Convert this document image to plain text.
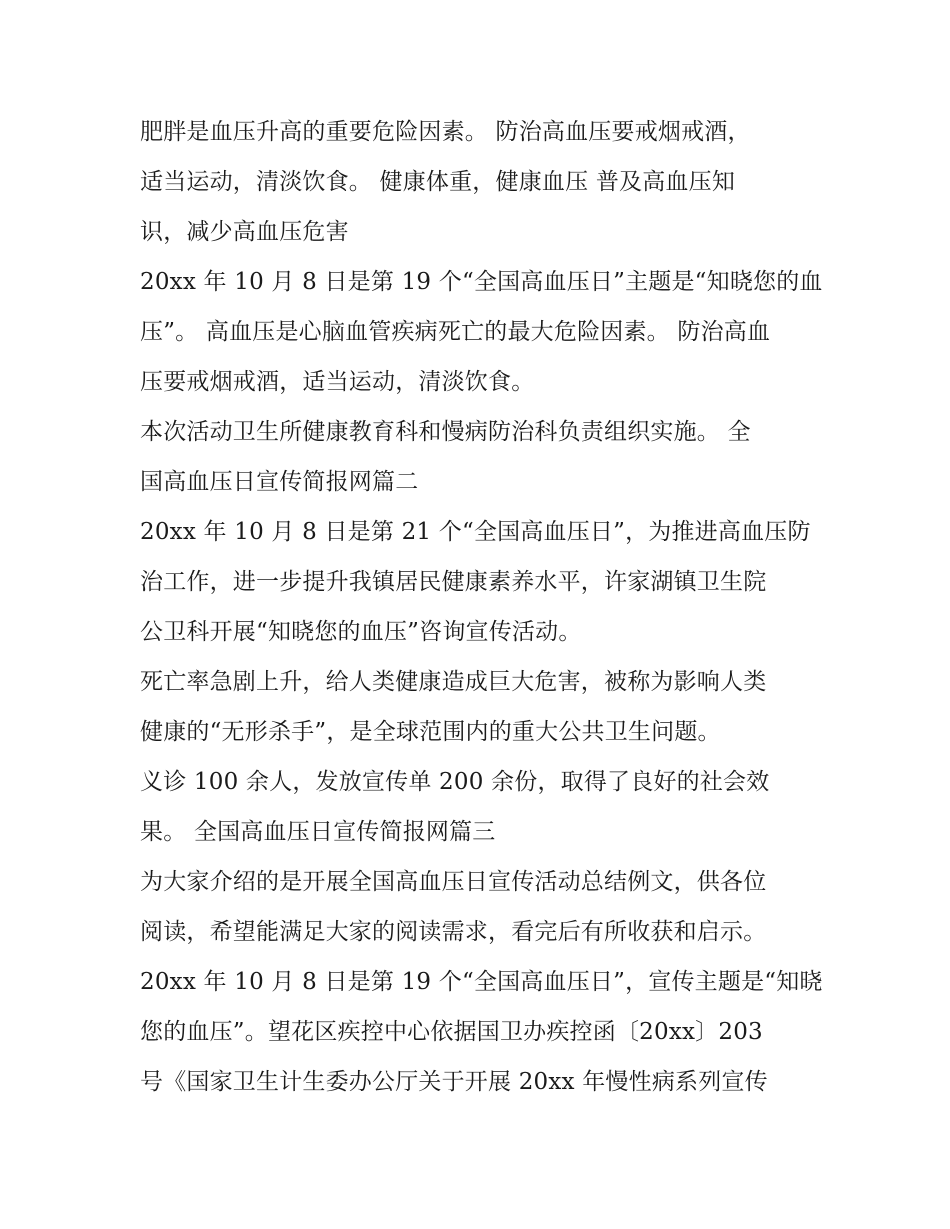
肥胖是血压升高的重要危险因素。 防治高血压要戒烟戒酒，
适当运动，清淡饮食。 健康体重，健康血压 普及高血压知
识，减少高血压危害
20xx 年 10 月 8 日是第 19 个“全国高血压日”主题是“知晓您的血
压”。 高血压是心脑血管疾病死亡的最大危险因素。 防治高血
压要戒烟戒酒，适当运动，清淡饮食。
本次活动卫生所健康教育科和慢病防治科负责组织实施。 全
国高血压日宣传简报网篇二
20xx 年 10 月 8 日是第 21 个“全国高血压日”，为推进高血压防
治工作，进一步提升我镇居民健康素养水平，许家湖镇卫生院
公卫科开展“知晓您的血压”咨询宣传活动。
死亡率急剧上升，给人类健康造成巨大危害，被称为影响人类
健康的“无形杀手”，是全球范围内的重大公共卫生问题。
义诊 100 余人，发放宣传单 200 余份，取得了良好的社会效
果。 全国高血压日宣传简报网篇三
为大家介绍的是开展全国高血压日宣传活动总结例文，供各位
阅读，希望能满足大家的阅读需求，看完后有所收获和启示。
20xx 年 10 月 8 日是第 19 个“全国高血压日”，宣传主题是“知晓
您的血压”。望花区疾控中心依据国卫办疾控函〔20xx〕203
号《国家卫生计生委办公厅关于开展 20xx 年慢性病系列宣传
